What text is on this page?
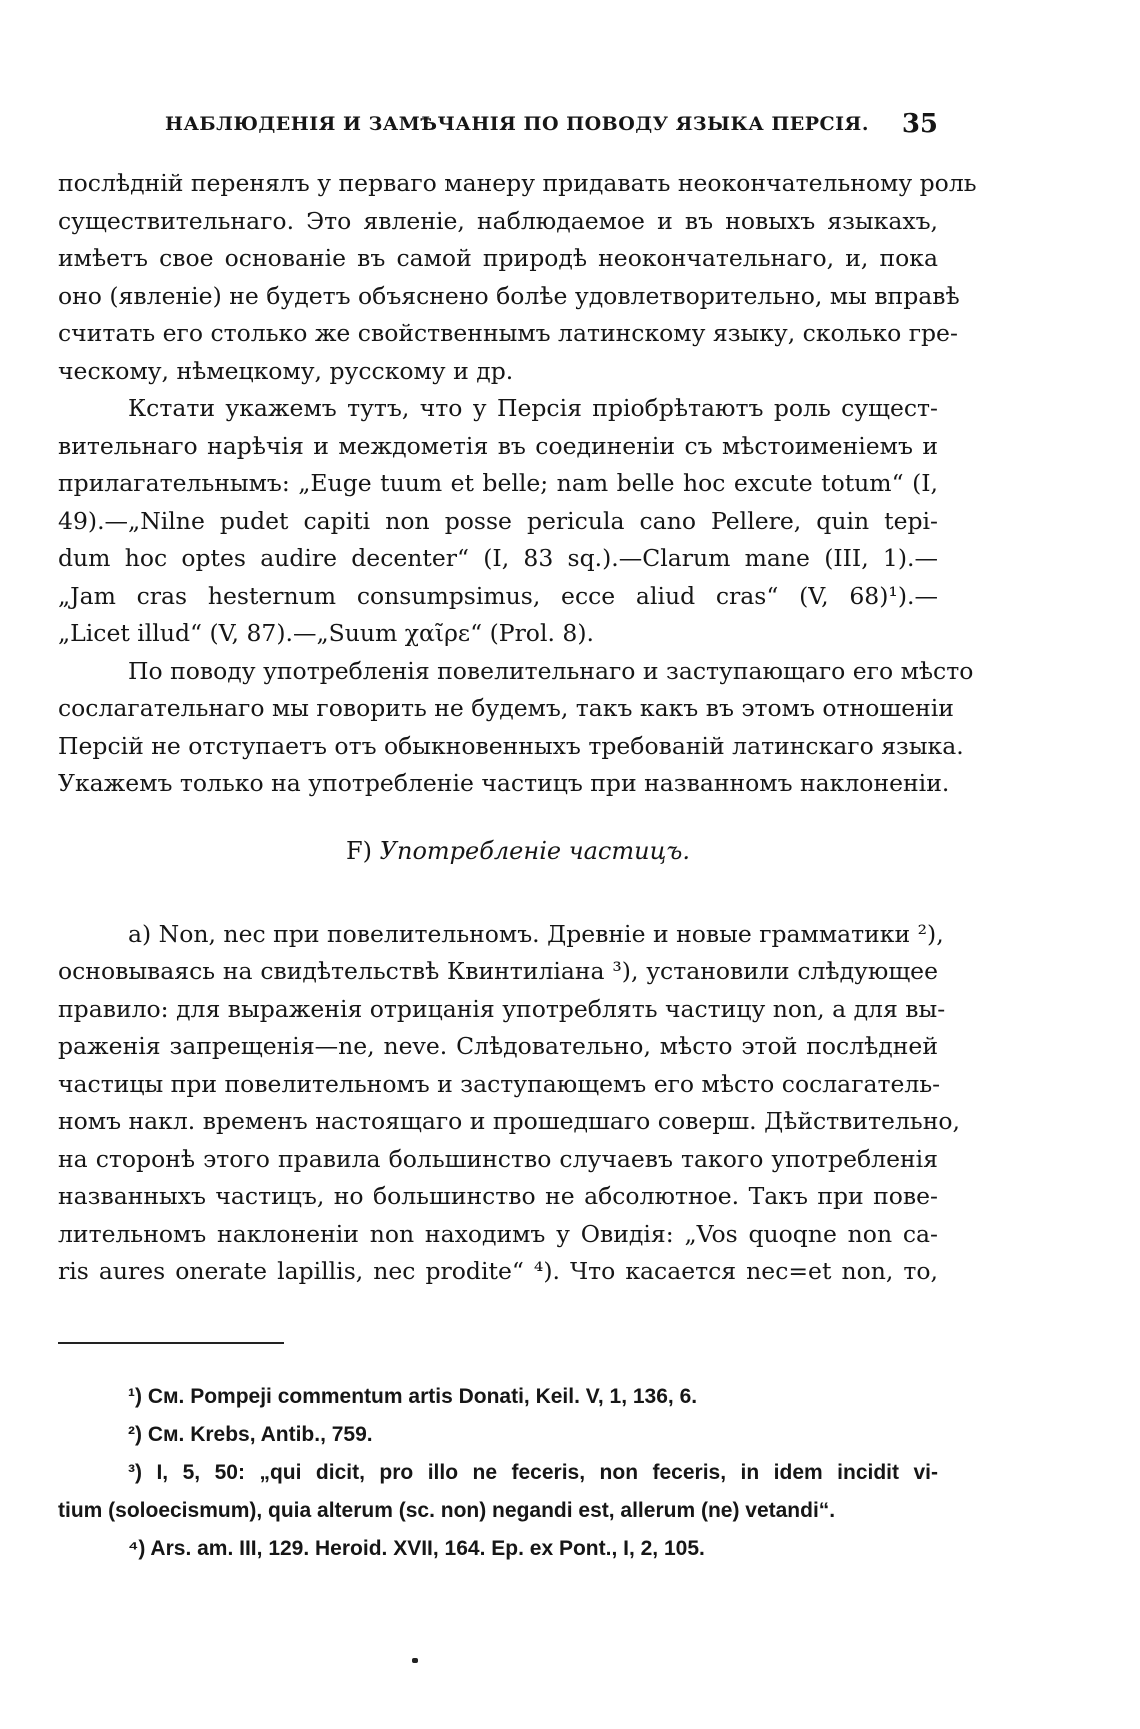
НАБЛЮДЕНІЯ И ЗАМѢЧАНІЯ ПО ПОВОДУ ЯЗЫКА ПЕРСІЯ. 35
послѣдній перенялъ у перваго манеру придавать неокончательному роль
существительнаго. Это явленіе, наблюдаемое и въ новыхъ языкахъ,
имѣетъ свое основаніе въ самой природѣ неокончательнаго, и, пока
оно (явленіе) не будетъ объяснено болѣе удовлетворительно, мы вправѣ
считать его столько же свойственнымъ латинскому языку, сколько гре-
ческому, нѣмецкому, русскому и др.
Кстати укажемъ тутъ, что у Персія пріобрѣтаютъ роль сущест-
вительнаго нарѣчія и междометія въ соединеніи съ мѣстоименіемъ и
прилагательнымъ: „Euge tuum et belle; nam belle hoc excute totum“ (I,
49).—„Nilne pudet capiti non posse pericula cano Pellere, quin tepi-
dum hoc optes audire decenter“ (I, 83 sq.).—Clarum mane (III, 1).—
„Jam cras hesternum consumpsimus, ecce aliud cras“ (V, 68)¹).—
„Licet illud“ (V, 87).—„Suum χαῖρε“ (Prol. 8).
По поводу употребленія повелительнаго и заступающаго его мѣсто
сослагательнаго мы говорить не будемъ, такъ какъ въ этомъ отношеніи
Персій не отступаетъ отъ обыкновенныхъ требованій латинскаго языка.
Укажемъ только на употребленіе частицъ при названномъ наклоненіи.
F) Употребленіе частицъ.
a) Non, nec при повелительномъ. Древніе и новые грамматики ²),
основываясь на свидѣтельствѣ Квинтиліана ³), установили слѣдующее
правило: для выраженія отрицанія употреблять частицу non, а для вы-
раженія запрещенія—ne, neve. Слѣдовательно, мѣсто этой послѣдней
частицы при повелительномъ и заступающемъ его мѣсто сослагатель-
номъ накл. временъ настоящаго и прошедшаго соверш. Дѣйствительно,
на сторонѣ этого правила большинство случаевъ такого употребленія
названныхъ частицъ, но большинство не абсолютное. Такъ при пове-
лительномъ наклоненіи non находимъ у Овидія: „Vos quoqne non ca-
ris aures onerate lapillis, nec prodite“ ⁴). Что касается nec=et non, то,
¹) См. Pompeji commentum artis Donati, Keil. V, 1, 136, 6.
²) См. Krebs, Antib., 759.
³) I, 5, 50: „qui dicit, pro illo ne feceris, non feceris, in idem incidit vi-
tium (soloecismum), quia alterum (sc. non) negandi est, allerum (ne) vetandi“.
⁴) Ars. am. III, 129. Heroid. XVII, 164. Ep. ex Pont., I, 2, 105.
